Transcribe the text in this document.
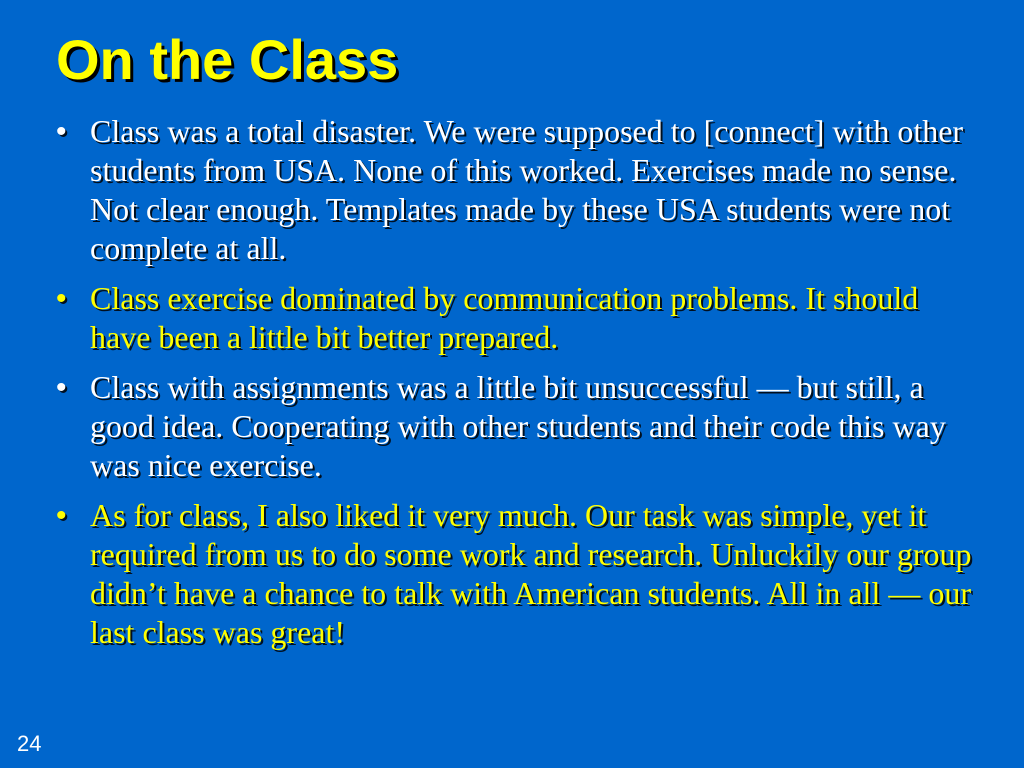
On the Class
• Class was a total disaster. We were supposed to [connect] with other students from USA. None of this worked. Exercises made no sense. Not clear enough. Templates made by these USA students were not complete at all.
• Class exercise dominated by communication problems. It should have been a little bit better prepared.
• Class with assignments was a little bit unsuccessful — but still, a good idea. Cooperating with other students and their code this way was nice exercise.
• As for class, I also liked it very much. Our task was simple, yet it required from us to do some work and research. Unluckily our group didn’t have a chance to talk with American students. All in all — our last class was great!
24
